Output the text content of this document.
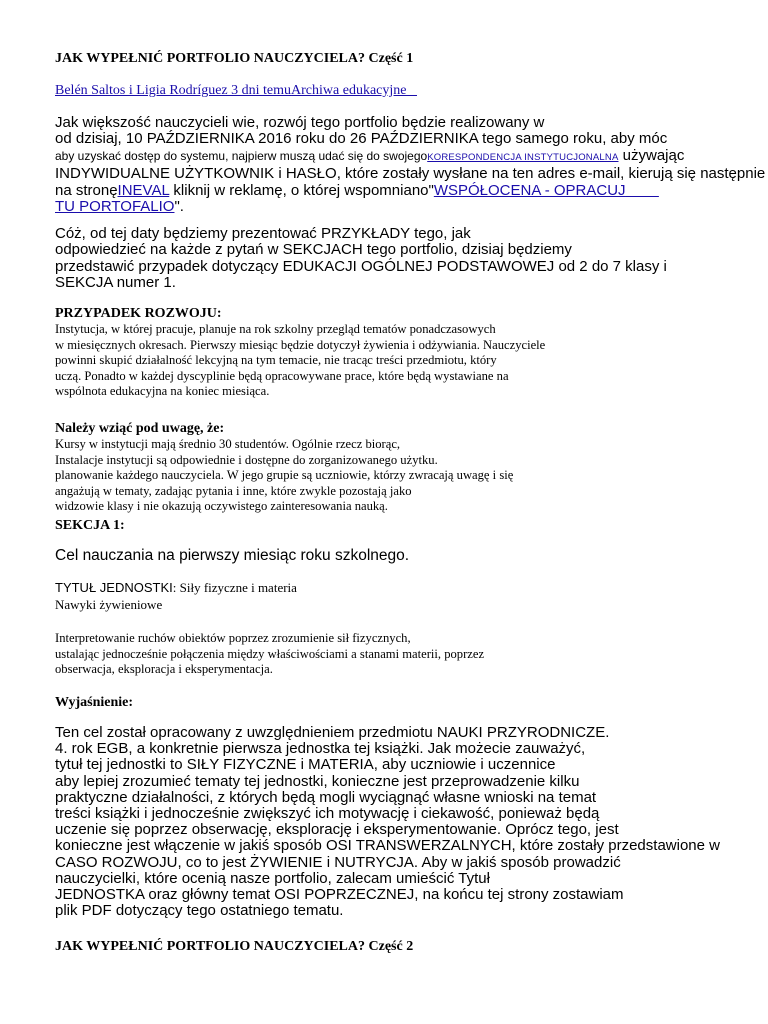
JAK WYPEŁNIĆ PORTFOLIO NAUCZYCIELA? Część 1
Belén Saltos i Ligia Rodríguez 3 dni temuArchiwa edukacyjne
Jak większość nauczycieli wie, rozwój tego portfolio będzie realizowany w
od dzisiaj, 10 PAŹDZIERNIKA 2016 roku do 26 PAŹDZIERNIKA tego samego roku, aby móc
aby uzyskać dostęp do systemu, najpierw muszą udać się do swojegoKORESPONDENCJA INSTYTUCJONALNA używając
INDYWIDUALNE UŻYTKOWNIK i HASŁO, które zostały wysłane na ten adres e-mail, kierują się następnie
na stronęINEVAL kliknij w reklamę, o której wspomniano"WSPÓŁOCENA - OPRACUJ
TU PORTOFALIO".
Cóż, od tej daty będziemy prezentować PRZYKŁADY tego, jak
odpowiedzieć na każde z pytań w SEKCJACH tego portfolio, dzisiaj będziemy
przedstawić przypadek dotyczący EDUKACJI OGÓLNEJ PODSTAWOWEJ od 2 do 7 klasy i
SEKCJA numer 1.
PRZYPADEK ROZWOJU:
Instytucja, w której pracuje, planuje na rok szkolny przegląd tematów ponadczasowych
w miesięcznych okresach. Pierwszy miesiąc będzie dotyczył żywienia i odżywiania. Nauczyciele
powinni skupić działalność lekcyjną na tym temacie, nie tracąc treści przedmiotu, który
uczą. Ponadto w każdej dyscyplinie będą opracowywane prace, które będą wystawiane na
wspólnota edukacyjna na koniec miesiąca.
Należy wziąć pod uwagę, że:
Kursy w instytucji mają średnio 30 studentów. Ogólnie rzecz biorąc,
Instalacje instytucji są odpowiednie i dostępne do zorganizowanego użytku.
planowanie każdego nauczyciela. W jego grupie są uczniowie, którzy zwracają uwagę i się
angażują w tematy, zadając pytania i inne, które zwykle pozostają jako
widzowie klasy i nie okazują oczywistego zainteresowania nauką.
SEKCJA 1:
Cel nauczania na pierwszy miesiąc roku szkolnego.
TYTUŁ JEDNOSTKI: Siły fizyczne i materia
Nawyki żywieniowe
Interpretowanie ruchów obiektów poprzez zrozumienie sił fizycznych,
ustalając jednocześnie połączenia między właściwościami a stanami materii, poprzez
obserwacja, eksploracja i eksperymentacja.
Wyjaśnienie:
Ten cel został opracowany z uwzględnieniem przedmiotu NAUKI PRZYRODNICZE.
4. rok EGB, a konkretnie pierwsza jednostka tej książki. Jak możecie zauważyć,
tytuł tej jednostki to SIŁY FIZYCZNE i MATERIA, aby uczniowie i uczennice
aby lepiej zrozumieć tematy tej jednostki, konieczne jest przeprowadzenie kilku
praktyczne działalności, z których będą mogli wyciągnąć własne wnioski na temat
treści książki i jednocześnie zwiększyć ich motywację i ciekawość, ponieważ będą
uczenie się poprzez obserwację, eksplorację i eksperymentowanie. Oprócz tego, jest
konieczne jest włączenie w jakiś sposób OSI TRANSWERZALNYCH, które zostały przedstawione w
CASO ROZWOJU, co to jest ŻYWIENIE i NUTRYCJA. Aby w jakiś sposób prowadzić
nauczycielki, które ocenią nasze portfolio, zalecam umieścić Tytuł
JEDNOSTKA oraz główny temat OSI POPRZECZNEJ, na końcu tej strony zostawiam
plik PDF dotyczący tego ostatniego tematu.
JAK WYPEŁNIĆ PORTFOLIO NAUCZYCIELA? Część 2
